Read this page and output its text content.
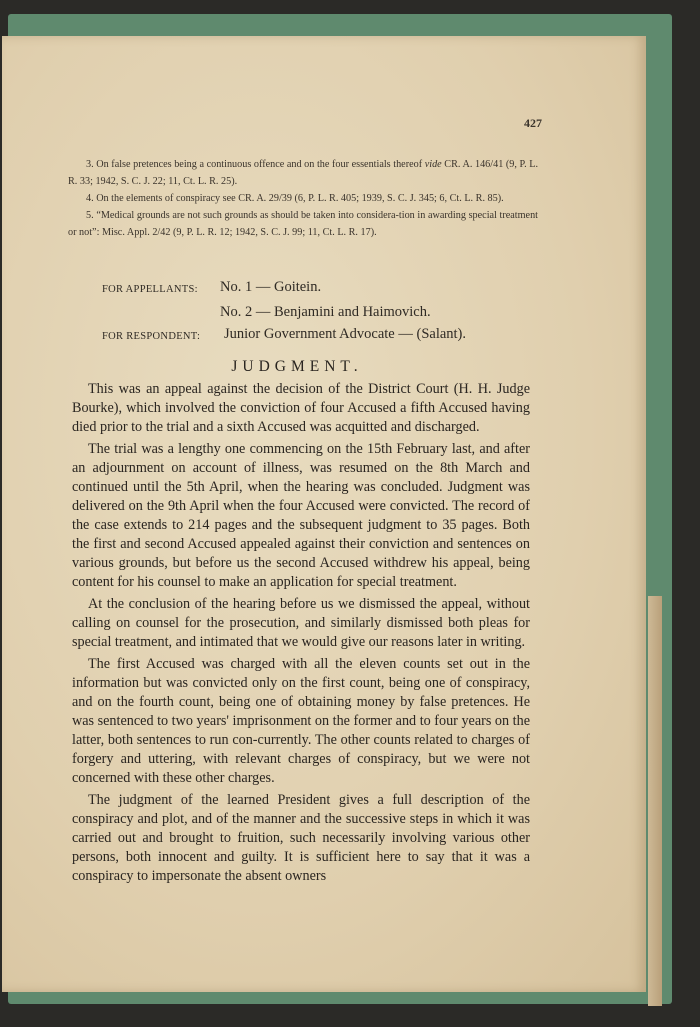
427

3. On false pretences being a continuous offence and on the four essentials thereof vide CR. A. 146/41 (9, P. L. R. 33; 1942, S. C. J. 22; 11, Ct. L. R. 25).

4. On the elements of conspiracy see CR. A. 29/39 (6, P. L. R. 405; 1939, S. C. J. 345; 6, Ct. L. R. 85).

5. “Medical grounds are not such grounds as should be taken into considera-tion in awarding special treatment or not”: Misc. Appl. 2/42 (9, P. L. R. 12; 1942, S. C. J. 99; 11, Ct. L. R. 17).

FOR APPELLANTS:	No. 1 — Goitein.
No. 2 — Benjamini and Haimovich.
FOR RESPONDENT:	Junior Government Advocate — (Salant).
JUDGMENT.

This was an appeal against the decision of the District Court (H. H. Judge Bourke), which involved the conviction of four Accused a fifth Accused having died prior to the trial and a sixth Accused was acquitted and discharged.

The trial was a lengthy one commencing on the 15th February last, and after an adjournment on account of illness, was resumed on the 8th March and continued until the 5th April, when the hearing was concluded. Judgment was delivered on the 9th April when the four Accused were convicted. The record of the case extends to 214 pages and the subsequent judgment to 35 pages. Both the first and second Accused appealed against their conviction and sentences on various grounds, but before us the second Accused withdrew his appeal, being content for his counsel to make an application for special treatment.

At the conclusion of the hearing before us we dismissed the appeal, without calling on counsel for the prosecution, and similarly dismissed both pleas for special treatment, and intimated that we would give our reasons later in writing.

The first Accused was charged with all the eleven counts set out in the information but was convicted only on the first count, being one of conspiracy, and on the fourth count, being one of obtaining money by false pretences. He was sentenced to two years' imprisonment on the former and to four years on the latter, both sentences to run con-currently. The other counts related to charges of forgery and uttering, with relevant charges of conspiracy, but we were not concerned with these other charges.

The judgment of the learned President gives a full description of the conspiracy and plot, and of the manner and the successive steps in which it was carried out and brought to fruition, such necessarily involving various other persons, both innocent and guilty. It is sufficient here to say that it was a conspiracy to impersonate the absent owners
